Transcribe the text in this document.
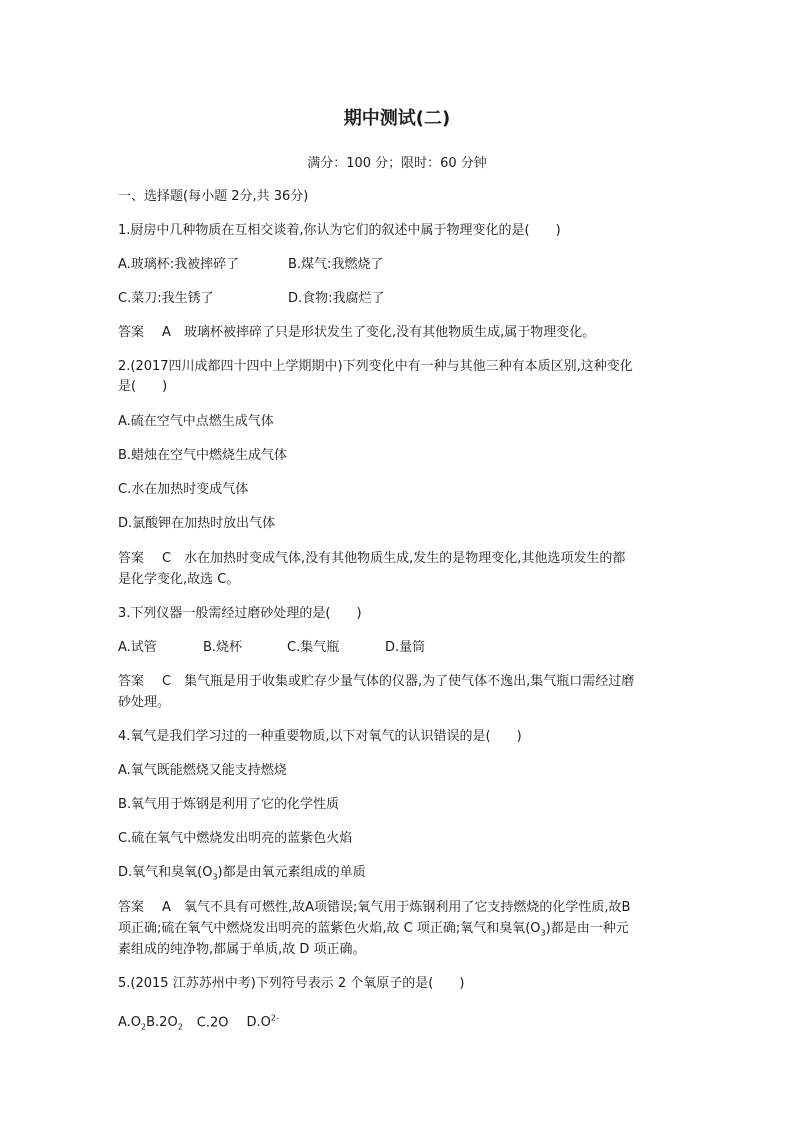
期中测试(二)
满分：100 分；限时：60 分钟
一、选择题(每小题 2分,共 36分)
1.厨房中几种物质在互相交谈着,你认为它们的叙述中属于物理变化的是(　　)
A.玻璃杯:我被摔碎了	B.煤气:我燃烧了
C.菜刀:我生锈了	D.食物:我腐烂了
答案 A 玻璃杯被摔碎了只是形状发生了变化,没有其他物质生成,属于物理变化。
2.(2017四川成都四十四中上学期期中)下列变化中有一种与其他三种有本质区别,这种变化
是(　　)
A.硫在空气中点燃生成气体
B.蜡烛在空气中燃烧生成气体
C.水在加热时变成气体
D.氯酸钾在加热时放出气体
答案 C 水在加热时变成气体,没有其他物质生成,发生的是物理变化,其他选项发生的都
是化学变化,故选 C。
3.下列仪器一般需经过磨砂处理的是(　　)
A.试管	B.烧杯	C.集气瓶	D.量筒
答案 C 集气瓶是用于收集或贮存少量气体的仪器,为了使气体不逸出,集气瓶口需经过磨
砂处理。
4.氧气是我们学习过的一种重要物质,以下对氧气的认识错误的是(　　)
A.氧气既能燃烧又能支持燃烧
B.氧气用于炼钢是利用了它的化学性质
C.硫在氧气中燃烧发出明亮的蓝紫色火焰
D.氧气和臭氧$(O_3)$都是由氧元素组成的单质
答案 A 氧气不具有可燃性,故A项错误;氧气用于炼钢利用了它支持燃烧的化学性质,故B
项正确;硫在氧气中燃烧发出明亮的蓝紫色火焰,故 C 项正确;氧气和臭氧$(O_3)$都是由一种元
素组成的纯净物,都属于单质,故 D 项正确。
5.(2015 江苏苏州中考)下列符号表示 2 个氧原子的是(　　)
$A.O_2B.2O_2$ C.2O $D.O^{2-}$
